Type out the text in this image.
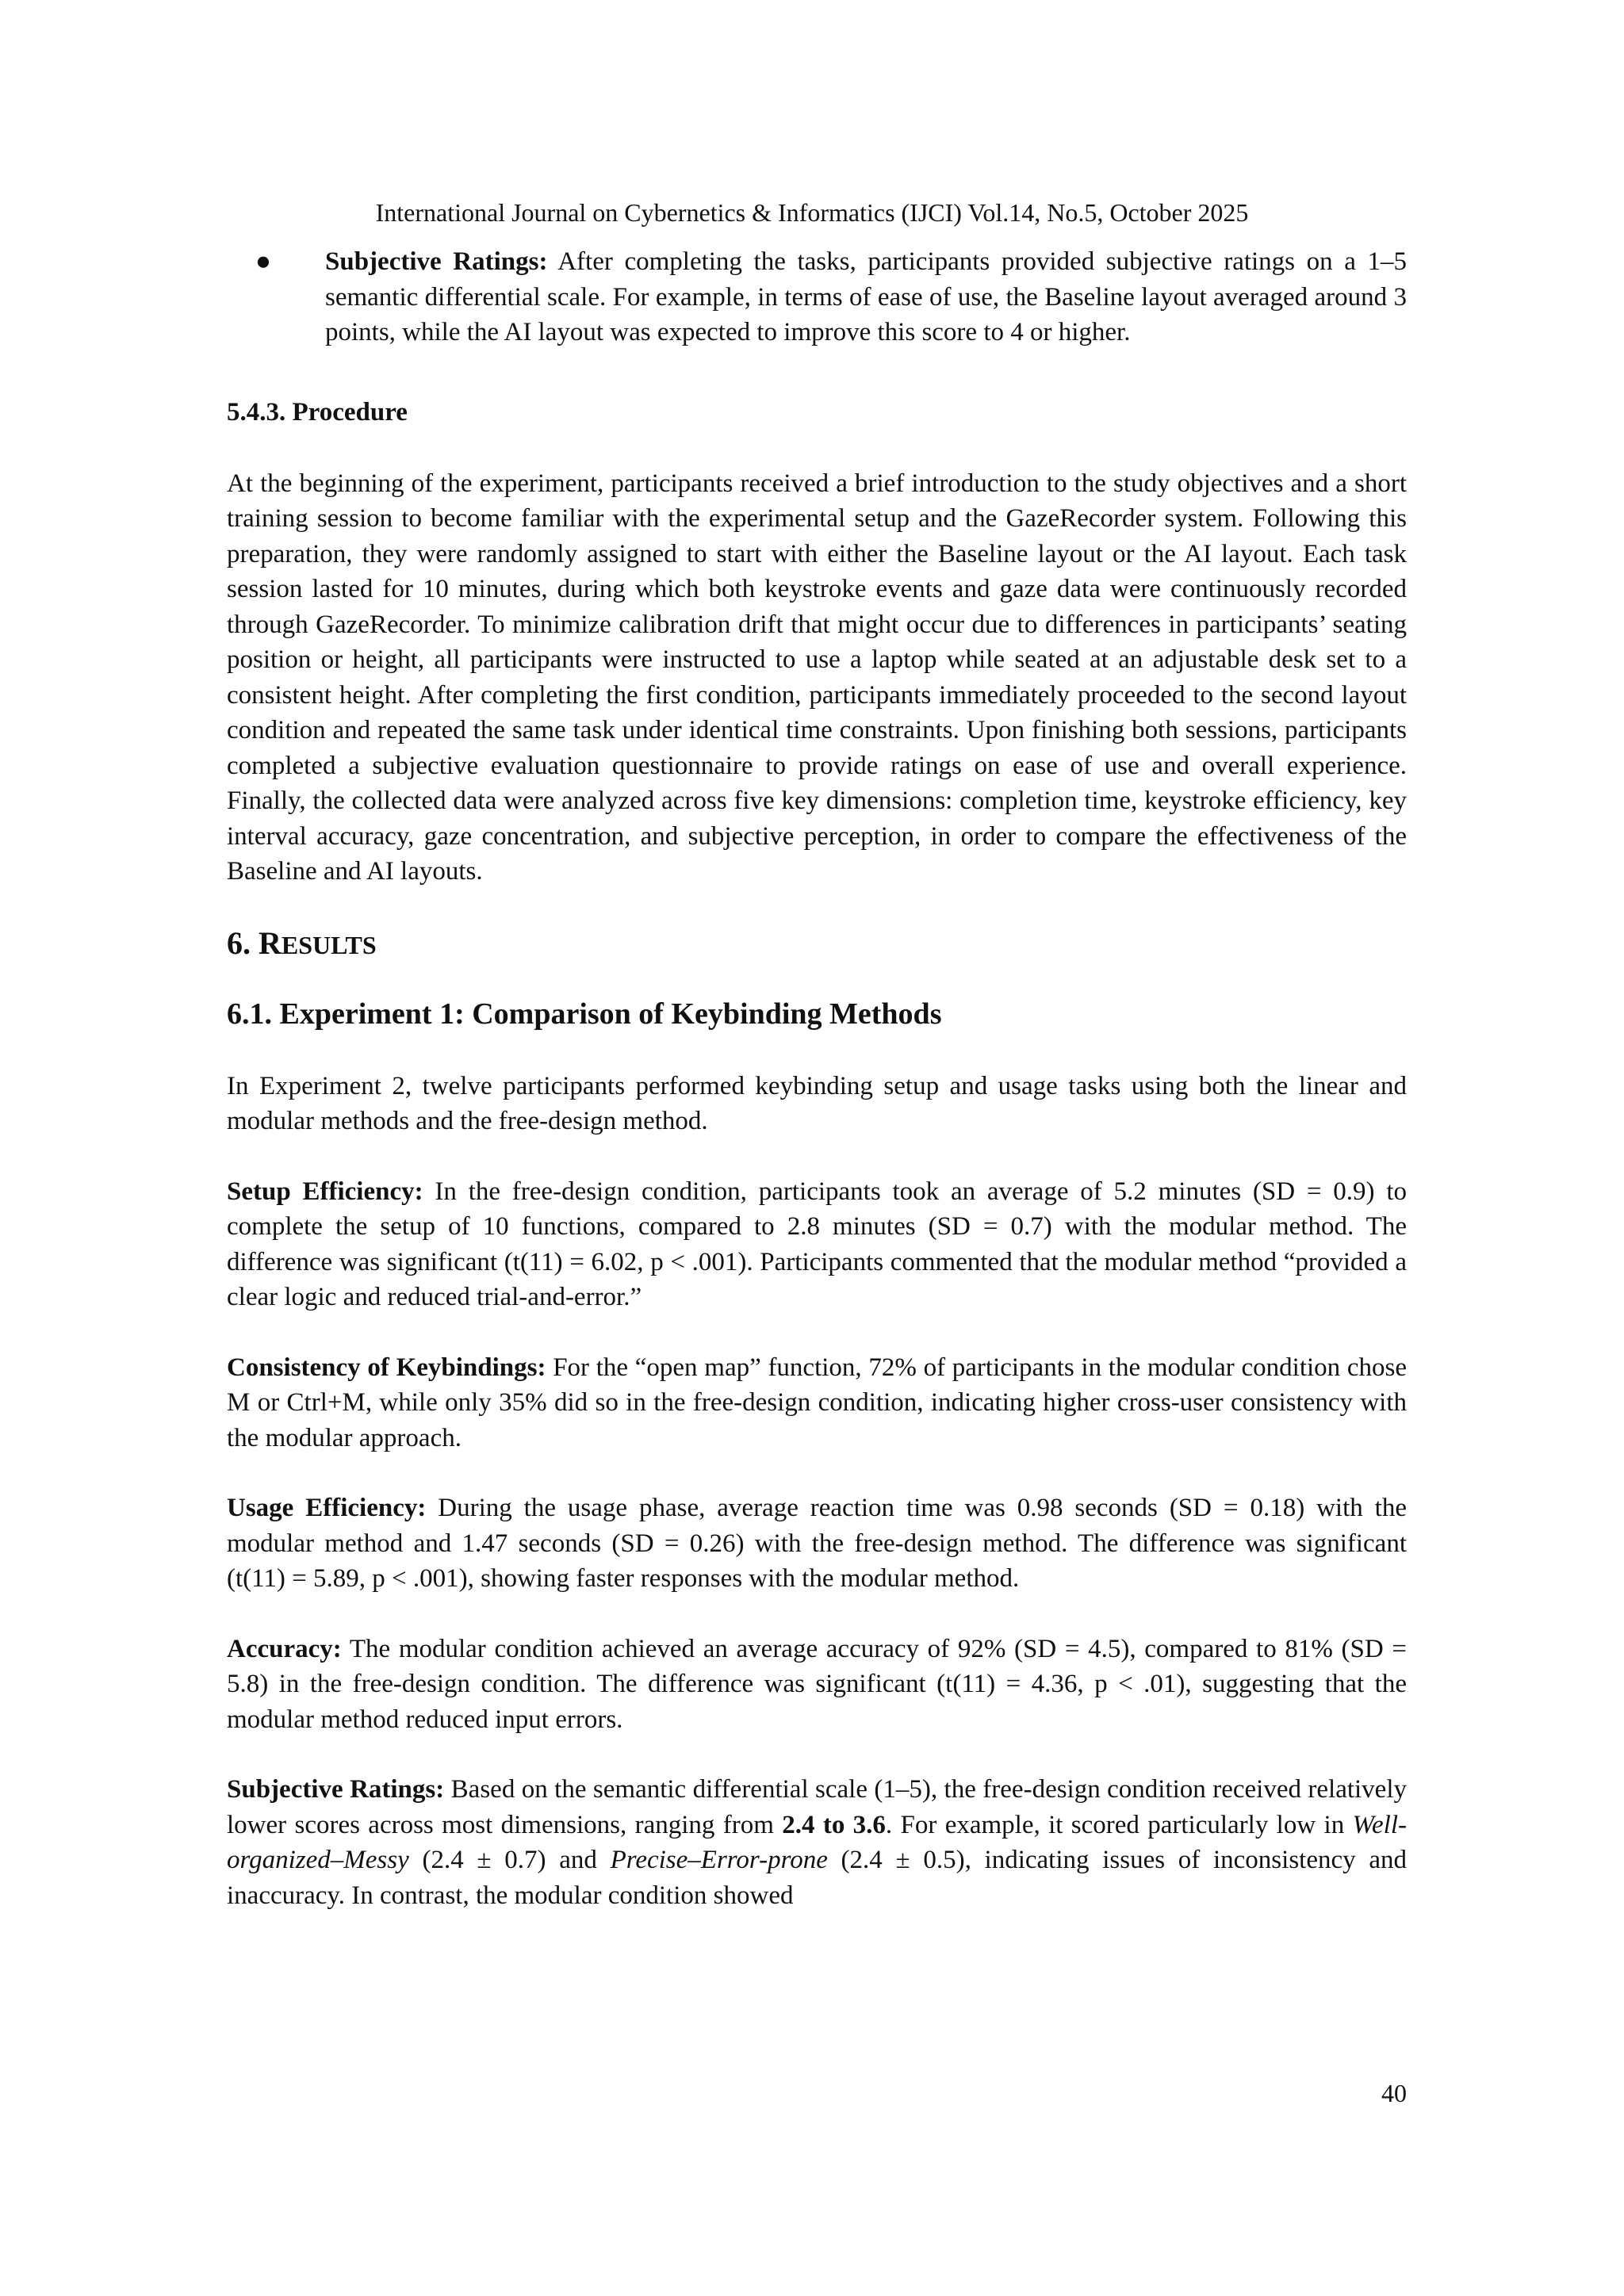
International Journal on Cybernetics & Informatics (IJCI) Vol.14, No.5, October 2025
● Subjective Ratings: After completing the tasks, participants provided subjective ratings on a 1–5 semantic differential scale. For example, in terms of ease of use, the Baseline layout averaged around 3 points, while the AI layout was expected to improve this score to 4 or higher.

5.4.3. Procedure

At the beginning of the experiment, participants received a brief introduction to the study objectives and a short training session to become familiar with the experimental setup and the GazeRecorder system. Following this preparation, they were randomly assigned to start with either the Baseline layout or the AI layout. Each task session lasted for 10 minutes, during which both keystroke events and gaze data were continuously recorded through GazeRecorder. To minimize calibration drift that might occur due to differences in participants’ seating position or height, all participants were instructed to use a laptop while seated at an adjustable desk set to a consistent height. After completing the first condition, participants immediately proceeded to the second layout condition and repeated the same task under identical time constraints. Upon finishing both sessions, participants completed a subjective evaluation questionnaire to provide ratings on ease of use and overall experience. Finally, the collected data were analyzed across five key dimensions: completion time, keystroke efficiency, key interval accuracy, gaze concentration, and subjective perception, in order to compare the effectiveness of the Baseline and AI layouts.

6. RESULTS
6.1. Experiment 1: Comparison of Keybinding Methods

In Experiment 2, twelve participants performed keybinding setup and usage tasks using both the linear and modular methods and the free-design method.

Setup Efficiency: In the free-design condition, participants took an average of 5.2 minutes (SD = 0.9) to complete the setup of 10 functions, compared to 2.8 minutes (SD = 0.7) with the modular method. The difference was significant (t(11) = 6.02, p < .001). Participants commented that the modular method “provided a clear logic and reduced trial-and-error.”

Consistency of Keybindings: For the “open map” function, 72% of participants in the modular condition chose M or Ctrl+M, while only 35% did so in the free-design condition, indicating higher cross-user consistency with the modular approach.

Usage Efficiency: During the usage phase, average reaction time was 0.98 seconds (SD = 0.18) with the modular method and 1.47 seconds (SD = 0.26) with the free-design method. The difference was significant (t(11) = 5.89, p < .001), showing faster responses with the modular method.

Accuracy: The modular condition achieved an average accuracy of 92% (SD = 4.5), compared to 81% (SD = 5.8) in the free-design condition. The difference was significant (t(11) = 4.36, p < .01), suggesting that the modular method reduced input errors.

Subjective Ratings: Based on the semantic differential scale (1–5), the free-design condition received relatively lower scores across most dimensions, ranging from 2.4 to 3.6. For example, it scored particularly low in Well-organized–Messy (2.4 ± 0.7) and Precise–Error-prone (2.4 ± 0.5), indicating issues of inconsistency and inaccuracy. In contrast, the modular condition showed

40
